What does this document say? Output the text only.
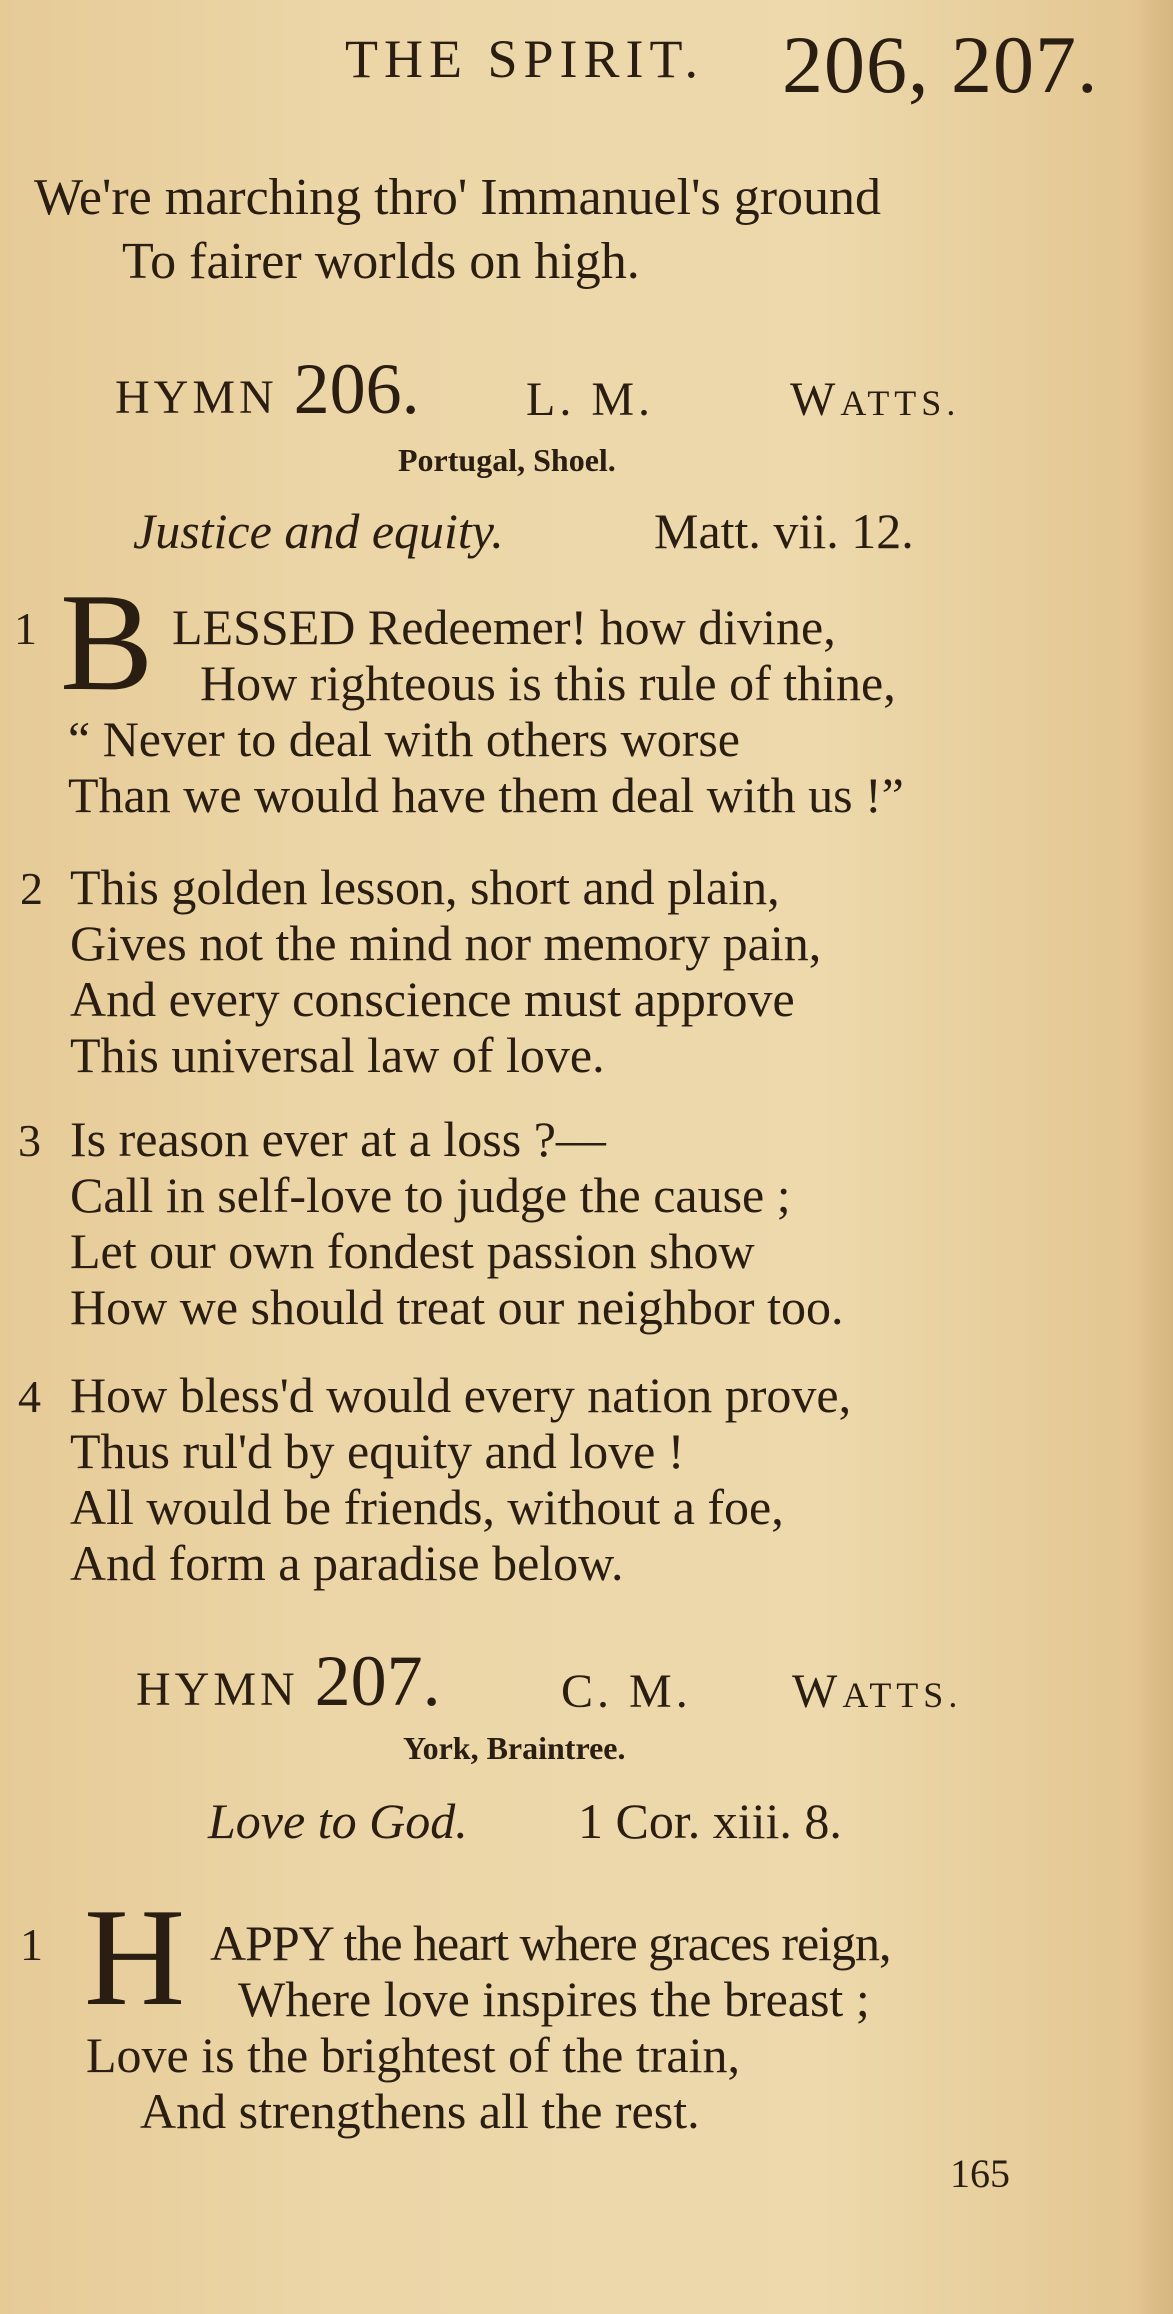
THE SPIRIT. 206, 207.
We're marching thro' Immanuel's ground
To fairer worlds on high.
HYMN 206. L. M.	WATTS.
Portugal, Shoel.
Justice and equity.	Matt. vii. 12.
1 B LESSED Redeemer! how divine,
How righteous is this rule of thine,
“ Never to deal with others worse
Than we would have them deal with us !”
2 This golden lesson, short and plain,
Gives not the mind nor memory pain,
And every conscience must approve
This universal law of love.
3 Is reason ever at a loss ?—
Call in self-love to judge the cause ;
Let our own fondest passion show
How we should treat our neighbor too.
4 How bless'd would every nation prove,
Thus rul'd by equity and love !
All would be friends, without a foe,
And form a paradise below.
HYMN 207.	C. M. WATTS.
York, Braintree.
Love to God. 1 Cor. xiii. 8.
1 H APPY the heart where graces reign,
Where love inspires the breast ;
Love is the brightest of the train,
And strengthens all the rest.
165
